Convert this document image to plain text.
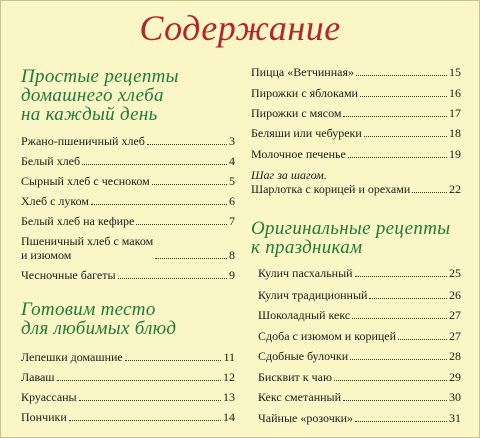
Содержание
Простые рецепты
домашнего хлеба
на каждый день
Ржано-пшеничный хлеб	3
Белый хлеб	4
Сырный хлеб с чесноком	5
Хлеб с луком	6
Белый хлеб на кефире	7
Пшеничный хлеб с маком
и изюмом	8
Чесночные багеты	9
Готовим тесто
для любимых блюд
Лепешки домашние	11
Лаваш	12
Круассаны	13
Пончики	14
Пицца «Ветчинная»	15
Пирожки с яблоками	16
Пирожки с мясом	17
Беляши или чебуреки	18
Молочное печенье	19
Шаг за шагом.
Шарлотка с корицей и орехами	22
Оригинальные рецепты
к праздникам
Кулич пасхальный	25
Кулич традиционный	26
Шоколадный кекс	27
Сдоба с изюмом и корицей	27
Сдобные булочки	28
Бисквит к чаю	29
Кекс сметанный	30
Чайные «розочки»	31
